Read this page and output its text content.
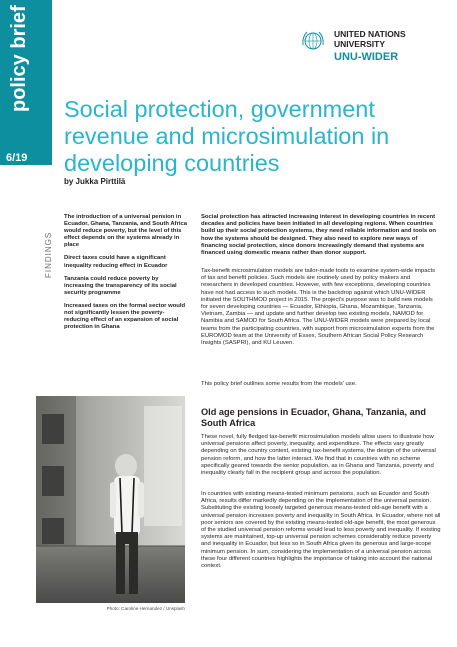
policy brief
6/19
UNITED NATIONS
UNIVERSITY
UNU-WIDER
Social protection, government
revenue and microsimulation in
developing countries
by Jukka Pirttilä
FINDINGS

The introduction of a universal pension in Ecuador, Ghana, Tanzania, and South Africa would reduce poverty, but the level of this effect depends on the systems already in place

Direct taxes could have a significant inequality reducing effect in Ecuador

Tanzania could reduce poverty by increasing the transparency of its social security programme

Increased taxes on the formal sector would not significantly lessen the poverty-reducing effect of an expansion of social protection in Ghana

Social protection has attracted increasing interest in developing countries in recent decades and policies have been initiated in all developing regions. When countries build up their social protection systems, they need reliable information and tools on how the systems should be designed. They also need to explore new ways of financing social protection, since donors increasingly demand that systems are financed using domestic means rather than donor support.

Tax-benefit microsimulation models are tailor-made tools to examine system-wide impacts of tax and benefit policies. Such models are routinely used by policy makers and researchers in developed countries. However, with few exceptions, developing countries have not had access to such models. This is the backdrop against which UNU-WIDER initiated the SOUTHMOD project in 2015. The project's purpose was to build new models for seven developing countries — Ecuador, Ethiopia, Ghana, Mozambique, Tanzania, Vietnam, Zambia — and update and further develop two existing models, NAMOD for Namibia and SAMOD for South Africa. The UNU-WIDER models were prepared by local teams from the participating countries, with support from microsimulation experts from the EUROMOD team at the University of Essex, Southern African Social Policy Research Insights (SASPRI), and KU Leuven.

This policy brief outlines some results from the models' use.

Photo: Caroline Hernandez / Unsplash
Old age pensions in Ecuador, Ghana, Tanzania, and South Africa

These novel, fully fledged tax-benefit microsimulation models allow users to illustrate how universal pensions affect poverty, inequality, and expenditure. The effects vary greatly depending on the country context, existing tax-benefit systems, the design of the universal pension reform, and how the latter interact. We find that in countries with no scheme specifically geared towards the senior population, as in Ghana and Tanzania, poverty and inequality clearly fall in the recipient group and across the population.

In countries with existing means-tested minimum pensions, such as Ecuador and South Africa, results differ markedly depending on the implementation of the universal pension. Substituting the existing loosely targeted generous means-tested old-age benefit with a universal pension increases poverty and inequality in South Africa. In Ecuador, where not all poor seniors are covered by the existing means-tested old-age benefit, the most generous of the studied universal pension reforms would lead to less poverty and inequality. If existing systems are maintained, top-up universal pension schemes considerably reduce poverty and inequality in Ecuador, but less so in South Africa given its generous and large-scope minimum pension. In sum, considering the implementation of a universal pension across these four different countries highlights the importance of taking into account the national context.
